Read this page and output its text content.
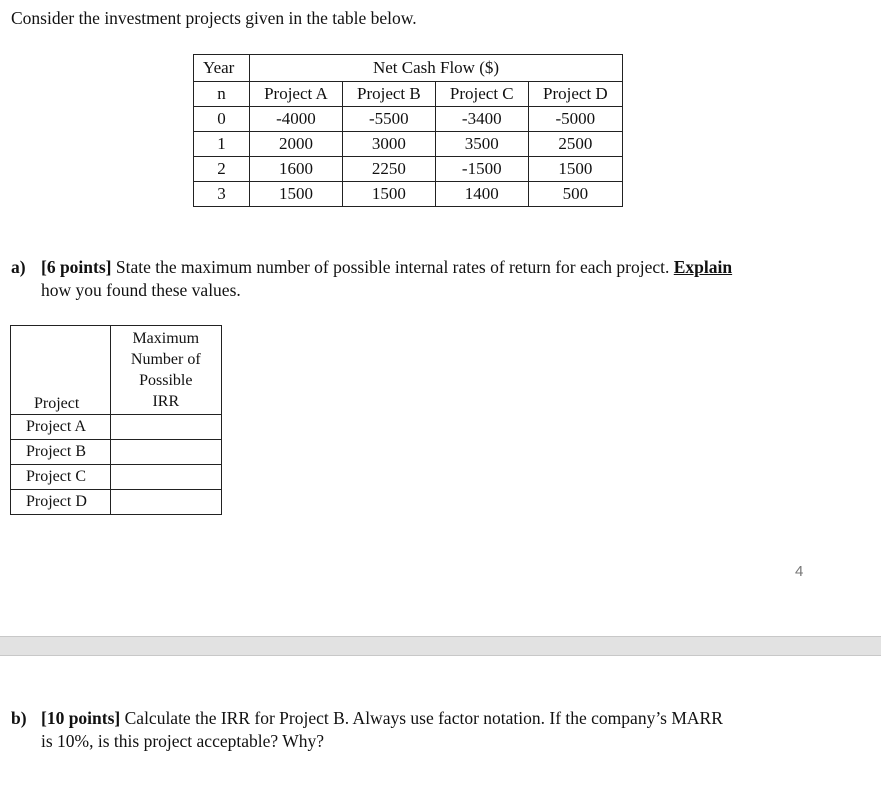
Consider the investment projects given in the table below.

Year	Net Cash Flow ($)			
n	Project A	Project B	Project C	Project D
0	-4000	-5500	-3400	-5000
1	2000	3000	3500	2500
2	1600	2250	-1500	1500
3	1500	1500	1400	500

a) [6 points] State the maximum number of possible internal rates of return for each project. Explain
how you found these values.

Project	Maximum
Number of
Possible
IRR

Project A	
Project B	
Project C	
Project D	
4

b) [10 points] Calculate the IRR for Project B. Always use factor notation. If the company’s MARR
is 10%, is this project acceptable? Why?
